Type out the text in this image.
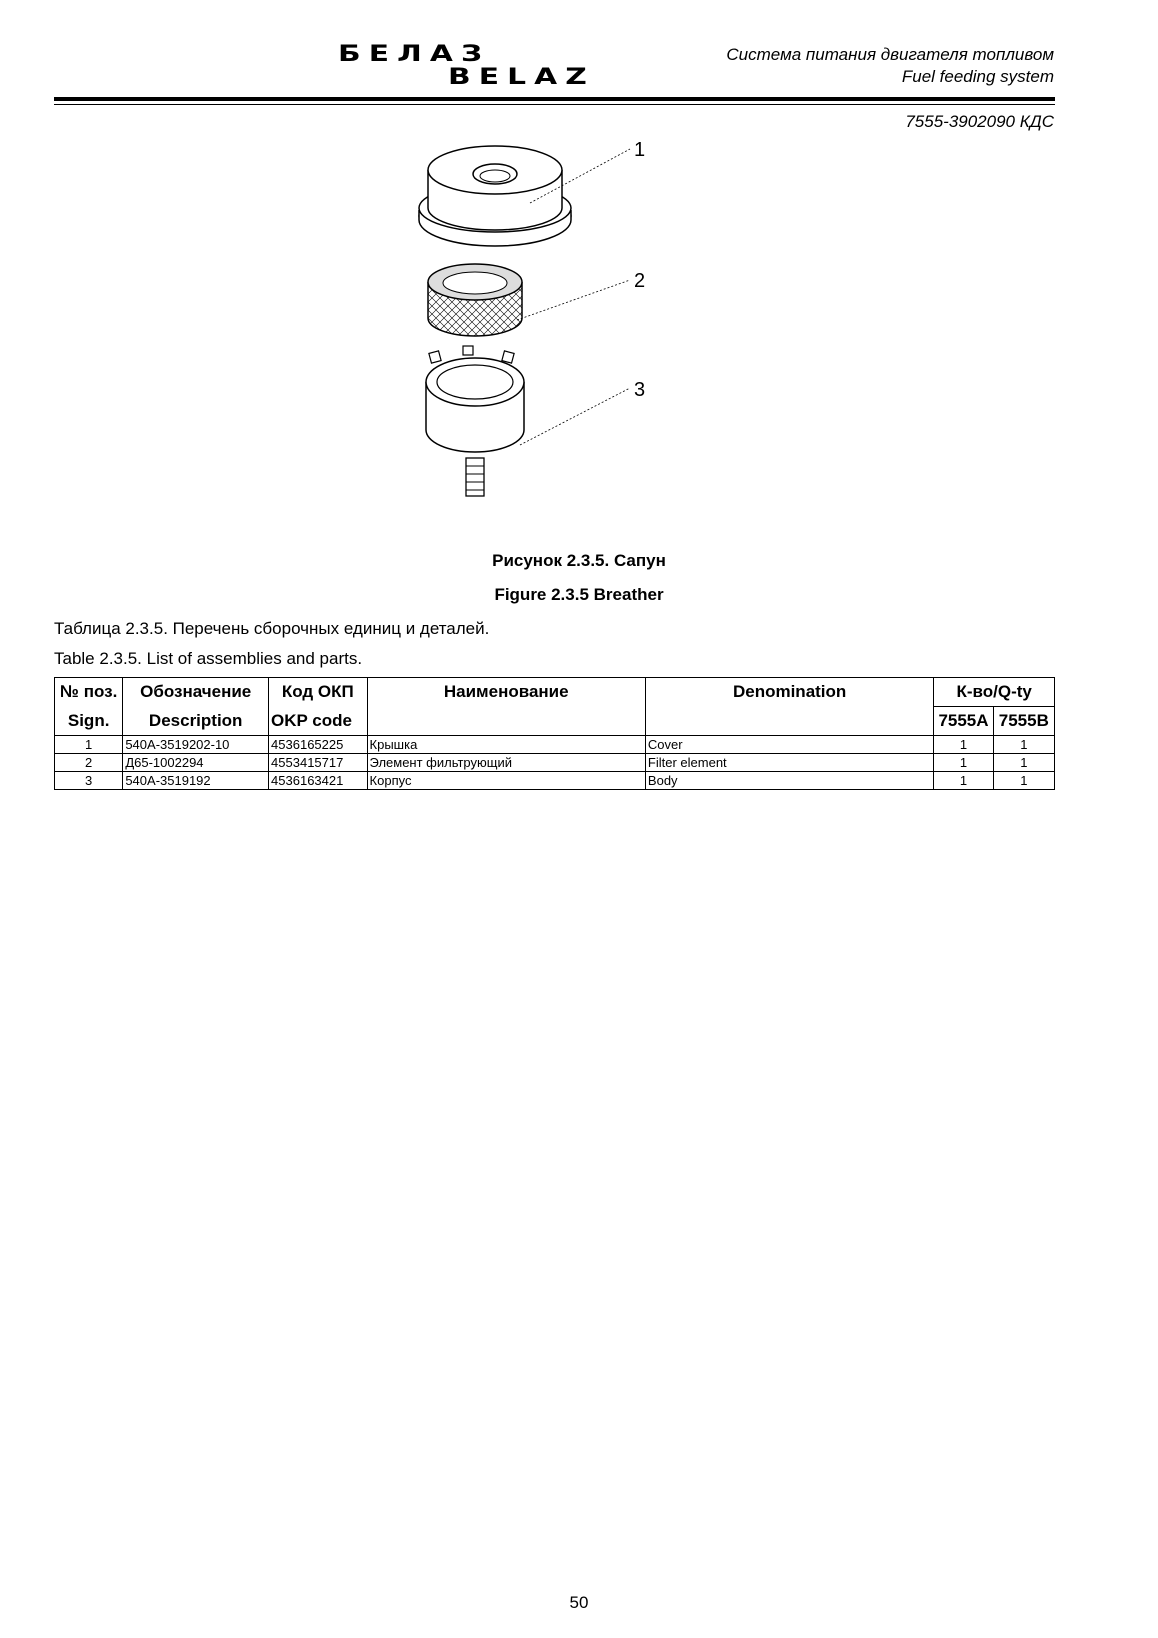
БЕЛАЗ
BELAZ
Система питания двигателя топливом
Fuel feeding system
7555-3902090 КДС
1
2
3
Рисунок 2.3.5. Сапун
Figure 2.3.5 Breather
Таблица 2.3.5. Перечень сборочных единиц и деталей.
Table 2.3.5. List of assemblies and parts.
№ поз.	Обозначение	Код ОКП	Наименование	Denomination	К-во/Q-ty	
Sign.	Description	OKP code			7555A	7555B
1	540А-3519202-10	4536165225	Крышка	Cover	1	1
2	Д65-1002294	4553415717	Элемент фильтрующий	Filter element	1	1
3	540А-3519192	4536163421	Корпус	Body	1	1
50
